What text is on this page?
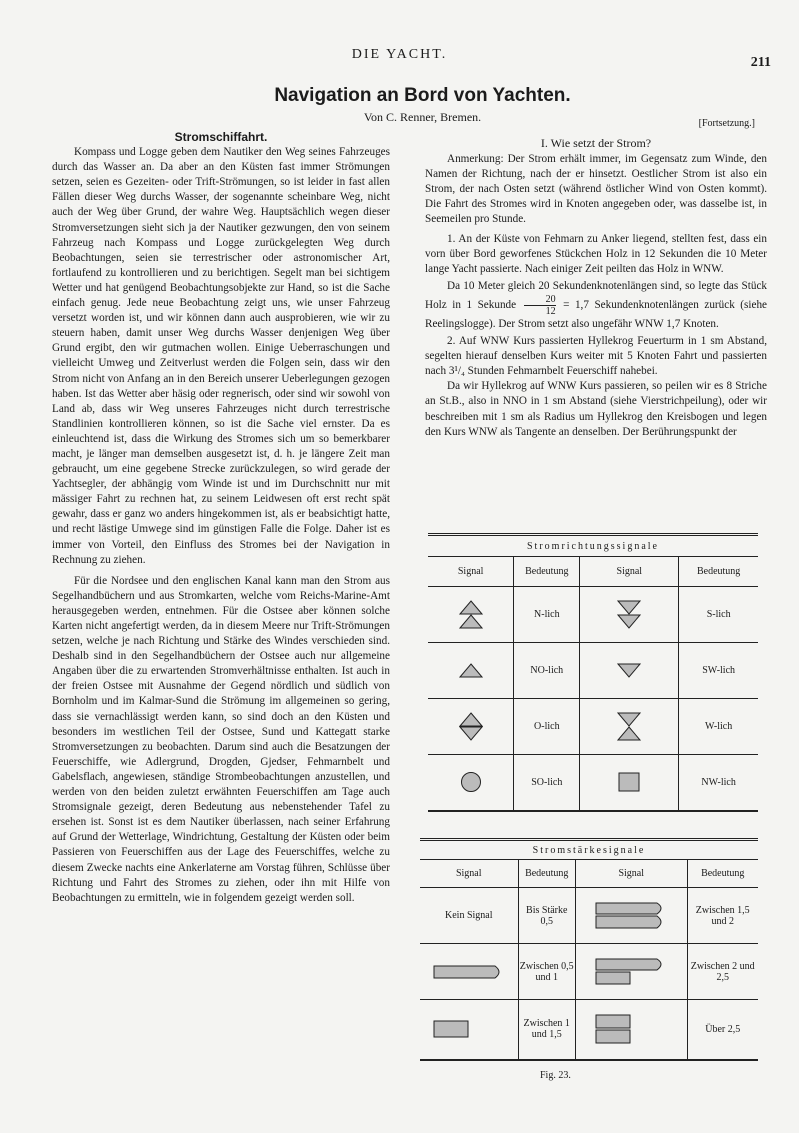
DIE YACHT.
211
Navigation an Bord von Yachten.
Von C. Renner, Bremen.	[Fortsetzung.]

Stromschiffahrt.

Kompass und Logge geben dem Nautiker den Weg seines Fahrzeuges durch das Wasser an. Da aber an den Küsten fast immer Strömungen setzen, seien es Gezeiten- oder Trift-Strömungen, so ist leider in fast allen Fällen dieser Weg durchs Wasser, der sogenannte scheinbare Weg, nicht auch der Weg über Grund, der wahre Weg. Hauptsächlich wegen dieser Stromversetzungen sieht sich ja der Nautiker gezwungen, den von seinem Fahrzeug nach Kompass und Logge zurückgelegten Weg durch Beobachtungen, seien sie terrestrischer oder astronomischer Art, fortlaufend zu kontrollieren und zu berichtigen. Segelt man bei sichtigem Wetter und hat genügend Beobachtungsobjekte zur Hand, so ist die Sache einfach genug. Jede neue Beobachtung zeigt uns, wie unser Fahrzeug versetzt worden ist, und wir können dann auch ausprobieren, wie wir zu steuern haben, damit unser Weg durchs Wasser denjenigen Weg über Grund ergibt, den wir gutmachen wollen. Einige Ueberraschungen und vielleicht Umweg und Zeitverlust werden die Folgen sein, dass wir den Strom nicht von Anfang an in den Bereich unserer Ueberlegungen gezogen haben. Ist das Wetter aber häsig oder regnerisch, oder sind wir sowohl von Land ab, dass wir Weg unseres Fahrzeuges nicht durch terrestrische Standlinien kontrollieren können, so ist die Sache viel ernster. Da es einleuchtend ist, dass die Wirkung des Stromes sich um so bemerkbarer macht, je länger man demselben ausgesetzt ist, d. h. je längere Zeit man gebraucht, um eine gegebene Strecke zurückzulegen, so wird gerade der Yachtsegler, der abhängig vom Winde ist und im Durchschnitt nur mit mässiger Fahrt zu rechnen hat, zu seinem Leidwesen oft erst recht spät gewahr, dass er ganz wo anders hingekommen ist, als er beabsichtigt hatte, und recht lästige Umwege sind im günstigen Falle die Folge. Daher ist es immer von Vorteil, den Einfluss des Stromes bei der Navigation in Rechnung zu ziehen.

Für die Nordsee und den englischen Kanal kann man den Strom aus Segelhandbüchern und aus Stromkarten, welche vom Reichs-Marine-Amt herausgegeben werden, entnehmen. Für die Ostsee aber können solche Karten nicht angefertigt werden, da in diesem Meere nur Trift-Strömungen setzen, welche je nach Richtung und Stärke des Windes verschieden sind. Deshalb sind in den Segelhandbüchern der Ostsee auch nur allgemeine Angaben über die zu erwartenden Stromverhältnisse enthalten. Ist auch in der freien Ostsee mit Ausnahme der Gegend nördlich und südlich von Bornholm und im Kalmar-Sund die Strömung im allgemeinen so gering, dass sie vernachlässigt werden kann, so sind doch an den Küsten und besonders im westlichen Teil der Ostsee, Sund und Kattegatt starke Stromversetzungen zu beobachten. Darum sind auch die Besatzungen der Feuerschiffe, wie Adlergrund, Drogden, Gjedser, Fehmarnbelt und Gabelsflach, angewiesen, ständige Strombeobachtungen anzustellen, und werden von den beiden zuletzt erwähnten Feuerschiffen am Tage auch Stromsignale gezeigt, deren Bedeutung aus nebenstehender Tafel zu ersehen ist. Sonst ist es dem Nautiker überlassen, nach seiner Erfahrung auf Grund der Wetterlage, Windrichtung, Gestaltung der Küsten oder beim Passieren von Feuerschiffen aus der Lage des Feuerschiffes, welche zu diesem Zwecke nachts eine Ankerlaterne am Vorstag führen, Schlüsse über Richtung und Fahrt des Stromes zu ziehen, oder ihn mit Hilfe von Beobachtungen zu ermitteln, wie in folgendem gezeigt werden soll.

I. Wie setzt der Strom?

Anmerkung: Der Strom erhält immer, im Gegensatz zum Winde, den Namen der Richtung, nach der er hinsetzt. Oestlicher Strom ist also ein Strom, der nach Osten setzt (während östlicher Wind von Osten kommt). Die Fahrt des Stromes wird in Knoten angegeben oder, was dasselbe ist, in Seemeilen pro Stunde.

1. An der Küste von Fehmarn zu Anker liegend, stellten fest, dass ein vorn über Bord geworfenes Stückchen Holz in 12 Sekunden die 10 Meter lange Yacht passierte. Nach einiger Zeit peilten das Holz in WNW.

Da 10 Meter gleich 20 Sekundenknotenlängen sind, so legte das Stück Holz in 1 Sekunde $\frac{20}{12} = 1,7$ Sekundenknotenlängen zurück (siehe Reelingslogge). Der Strom setzt also ungefähr WNW 1,7 Knoten.

2. Auf WNW Kurs passierten Hyllekrog Feuerturm in 1 sm Abstand, segelten hierauf denselben Kurs weiter mit 5 Knoten Fahrt und passierten nach 3¹/₄ Stunden Fehmarnbelt Feuerschiff nahebei.

Da wir Hyllekrog auf WNW Kurs passieren, so peilen wir es 8 Striche an St.B., also in NNO in 1 sm Abstand (siehe Vierstrichpeilung), oder wir beschreiben mit 1 sm als Radius um Hyllekrog den Kreisbogen und legen den Kurs WNW als Tangente an denselben. Der Berührungspunkt der

Stromrichtungssignale			
Signal	Bedeutung	Signal	Bedeutung

	N-lich		S-lich

	NO-lich		SW-lich

	O-lich		W-lich

	SO-lich		NW-lich
Stromstärkesignale			
Signal	Bedeutung	Signal	Bedeutung
Kein Signal	Bis Stärke 0,5		Zwischen 1,5 und 2

	Zwischen 0,5 und 1		Zwischen 2 und 2,5

	Zwischen 1 und 1,5		Über 2,5
Fig. 23.
